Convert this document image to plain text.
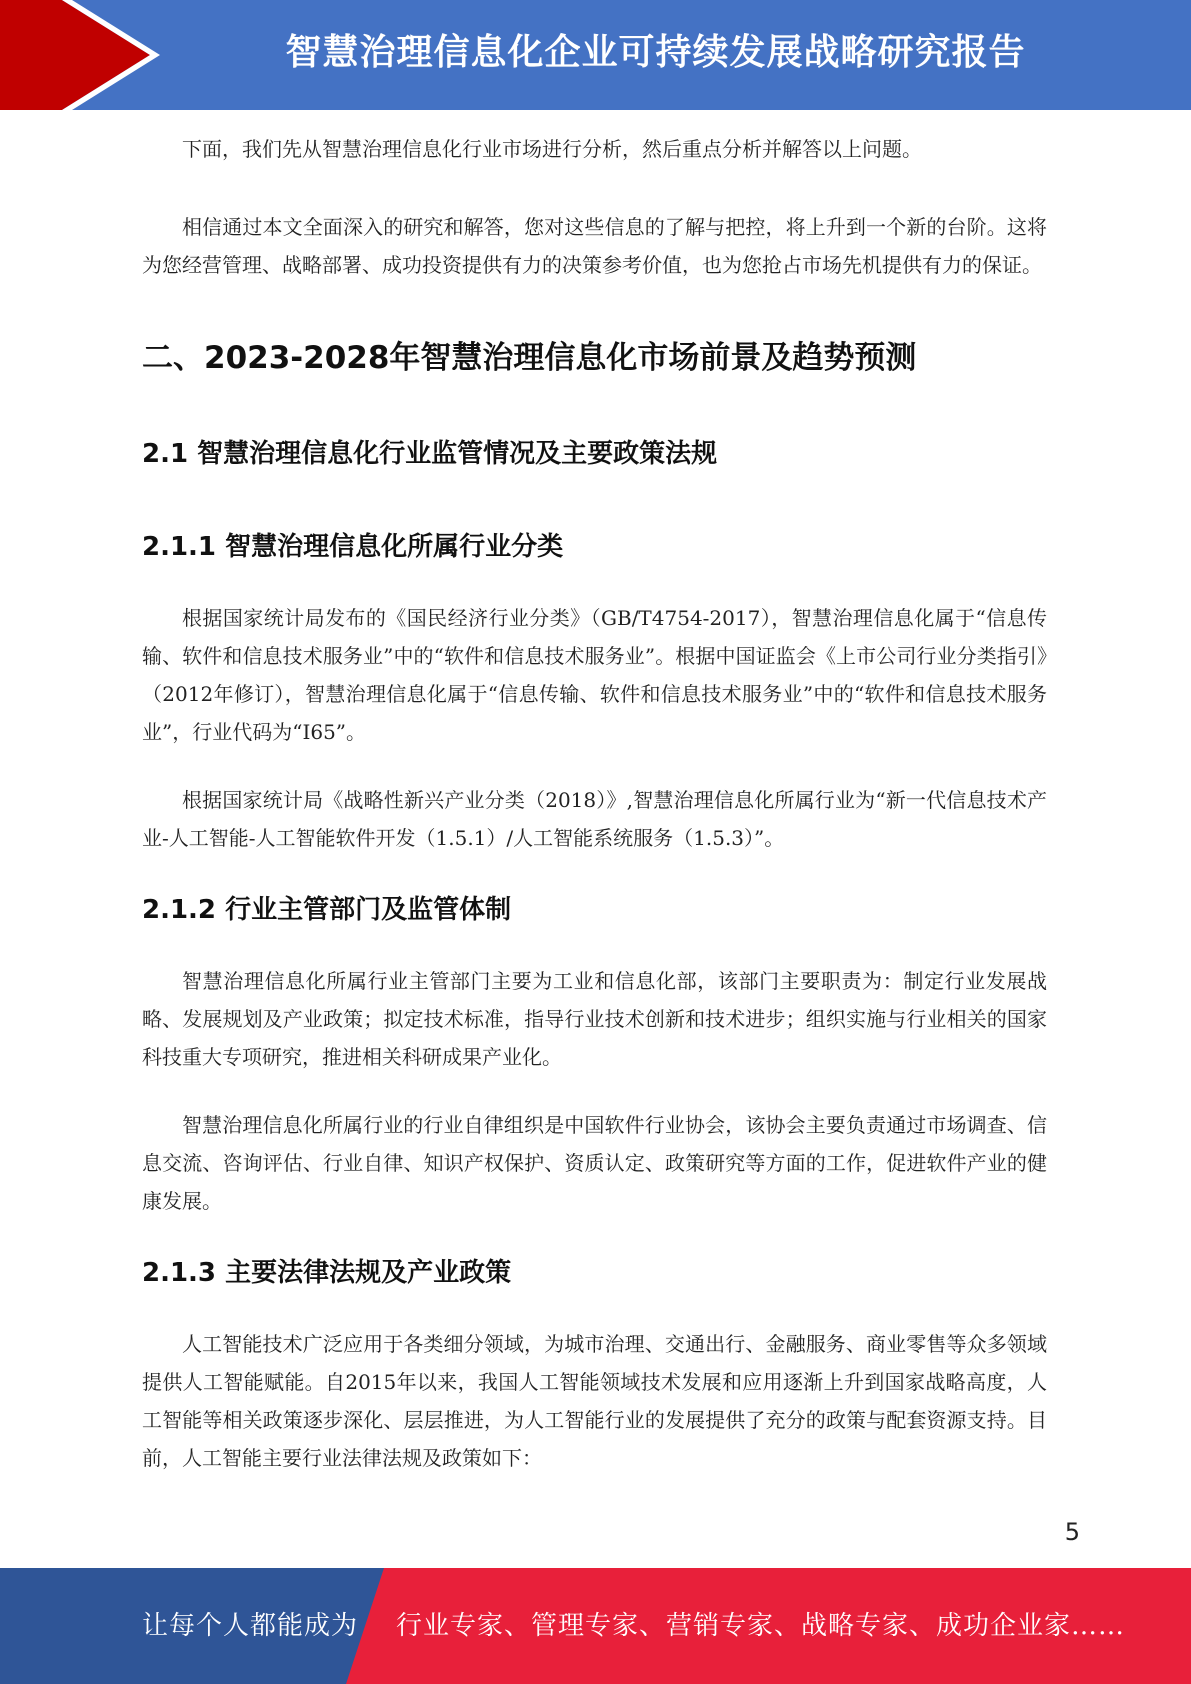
智慧治理信息化企业可持续发展战略研究报告

下面，我们先从智慧治理信息化行业市场进行分析，然后重点分析并解答以上问题。

相信通过本文全面深入的研究和解答，您对这些信息的了解与把控，将上升到一个新的台阶。这将为您经营管理、战略部署、成功投资提供有力的决策参考价值，也为您抢占市场先机提供有力的保证。

二、2023-2028年智慧治理信息化市场前景及趋势预测
2.1 智慧治理信息化行业监管情况及主要政策法规
2.1.1 智慧治理信息化所属行业分类

根据国家统计局发布的《国民经济行业分类》（GB/T4754-2017），智慧治理信息化属于“信息传输、软件和信息技术服务业”中的“软件和信息技术服务业”。根据中国证监会《上市公司行业分类指引》（2012年修订），智慧治理信息化属于“信息传输、软件和信息技术服务业”中的“软件和信息技术服务业”，行业代码为“I65”。

根据国家统计局《战略性新兴产业分类（2018）》,智慧治理信息化所属行业为“新一代信息技术产业-人工智能-人工智能软件开发（1.5.1）/人工智能系统服务（1.5.3）”。

2.1.2 行业主管部门及监管体制

智慧治理信息化所属行业主管部门主要为工业和信息化部，该部门主要职责为：制定行业发展战略、发展规划及产业政策；拟定技术标准，指导行业技术创新和技术进步；组织实施与行业相关的国家科技重大专项研究，推进相关科研成果产业化。

智慧治理信息化所属行业的行业自律组织是中国软件行业协会，该协会主要负责通过市场调查、信息交流、咨询评估、行业自律、知识产权保护、资质认定、政策研究等方面的工作，促进软件产业的健康发展。

2.1.3 主要法律法规及产业政策

人工智能技术广泛应用于各类细分领域，为城市治理、交通出行、金融服务、商业零售等众多领域提供人工智能赋能。自2015年以来，我国人工智能领域技术发展和应用逐渐上升到国家战略高度，人工智能等相关政策逐步深化、层层推进，为人工智能行业的发展提供了充分的政策与配套资源支持。目前，人工智能主要行业法律法规及政策如下：

5
让每个人都能成为 行业专家、管理专家、营销专家、战略专家、成功企业家……
